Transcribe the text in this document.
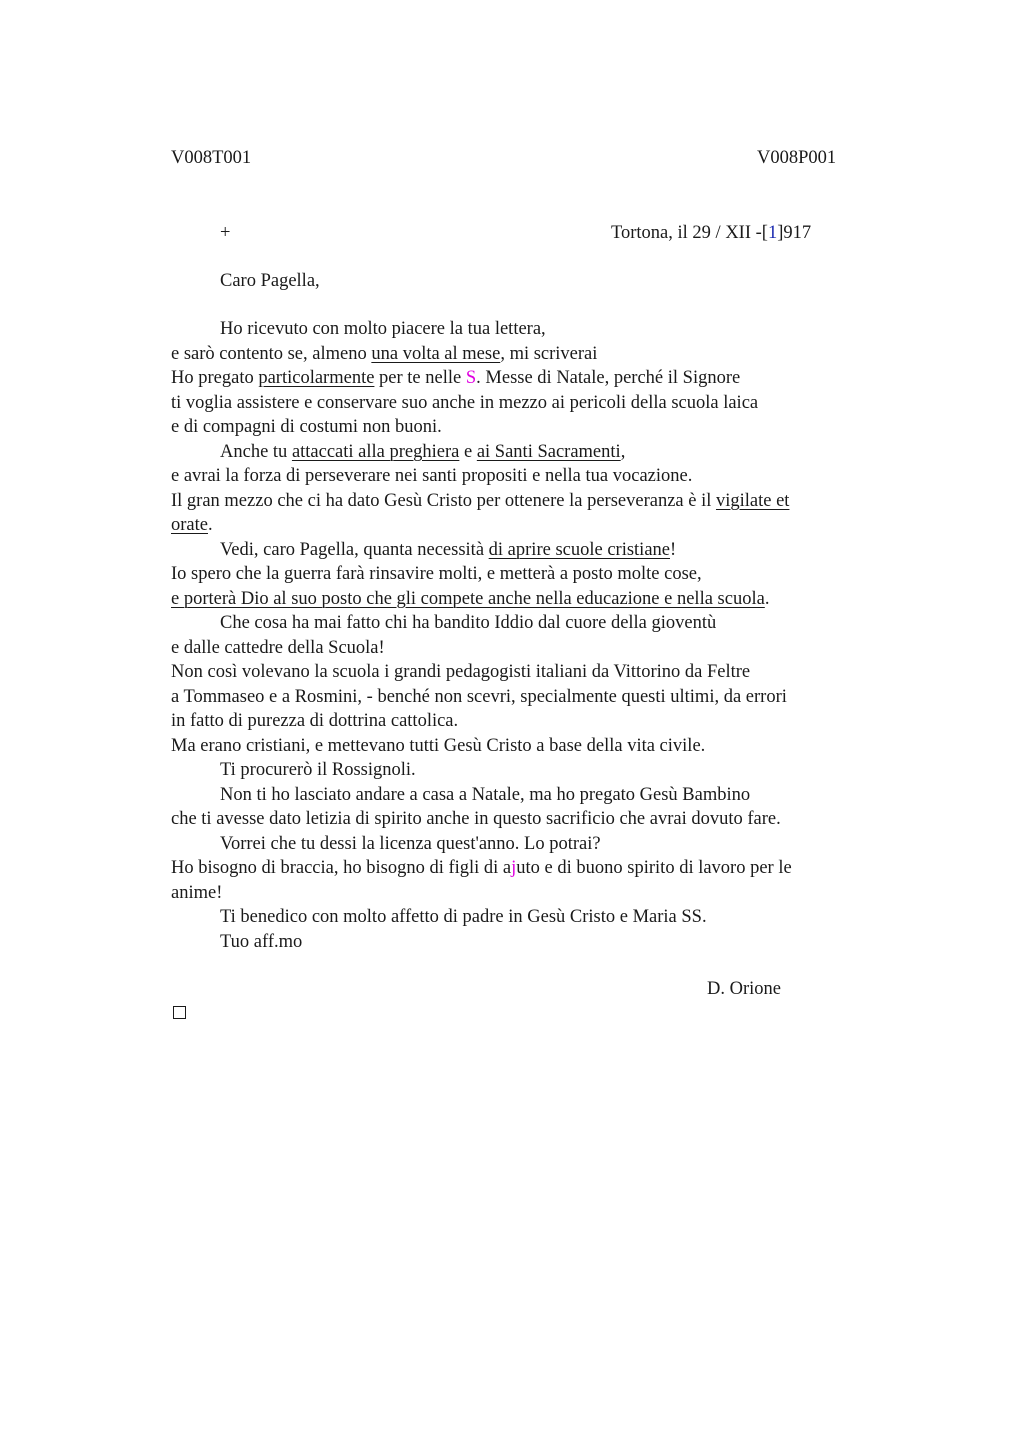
V008T001	V008P001
+	Tortona, il 29 / XII -[1]917
Caro Pagella,
Ho ricevuto con molto piacere la tua lettera,
e sarò contento se, almeno una volta al mese, mi scriverai
Ho pregato particolarmente per te nelle S. Messe di Natale, perché il Signore
ti voglia assistere e conservare suo anche in mezzo ai pericoli della scuola laica
e di compagni di costumi non buoni.
Anche tu attaccati alla preghiera e ai Santi Sacramenti,
e avrai la forza di perseverare nei santi propositi e nella tua vocazione.
Il gran mezzo che ci ha dato Gesù Cristo per ottenere la perseveranza è il vigilate et
orate.
Vedi, caro Pagella, quanta necessità di aprire scuole cristiane!
Io spero che la guerra farà rinsavire molti, e metterà a posto molte cose,
e porterà Dio al suo posto che gli compete anche nella educazione e nella scuola.
Che cosa ha mai fatto chi ha bandito Iddio dal cuore della gioventù
e dalle cattedre della Scuola!
Non così volevano la scuola i grandi pedagogisti italiani da Vittorino da Feltre
a Tommaseo e a Rosmini, - benché non scevri, specialmente questi ultimi, da errori
in fatto di purezza di dottrina cattolica.
Ma erano cristiani, e mettevano tutti Gesù Cristo a base della vita civile.
Ti procurerò il Rossignoli.
Non ti ho lasciato andare a casa a Natale, ma ho pregato Gesù Bambino
che ti avesse dato letizia di spirito anche in questo sacrificio che avrai dovuto fare.
Vorrei che tu dessi la licenza quest'anno. Lo potrai?
Ho bisogno di braccia, ho bisogno di figli di ajuto e di buono spirito di lavoro per le
anime!
Ti benedico con molto affetto di padre in Gesù Cristo e Maria SS.
Tuo aff.mo
D. Orione
